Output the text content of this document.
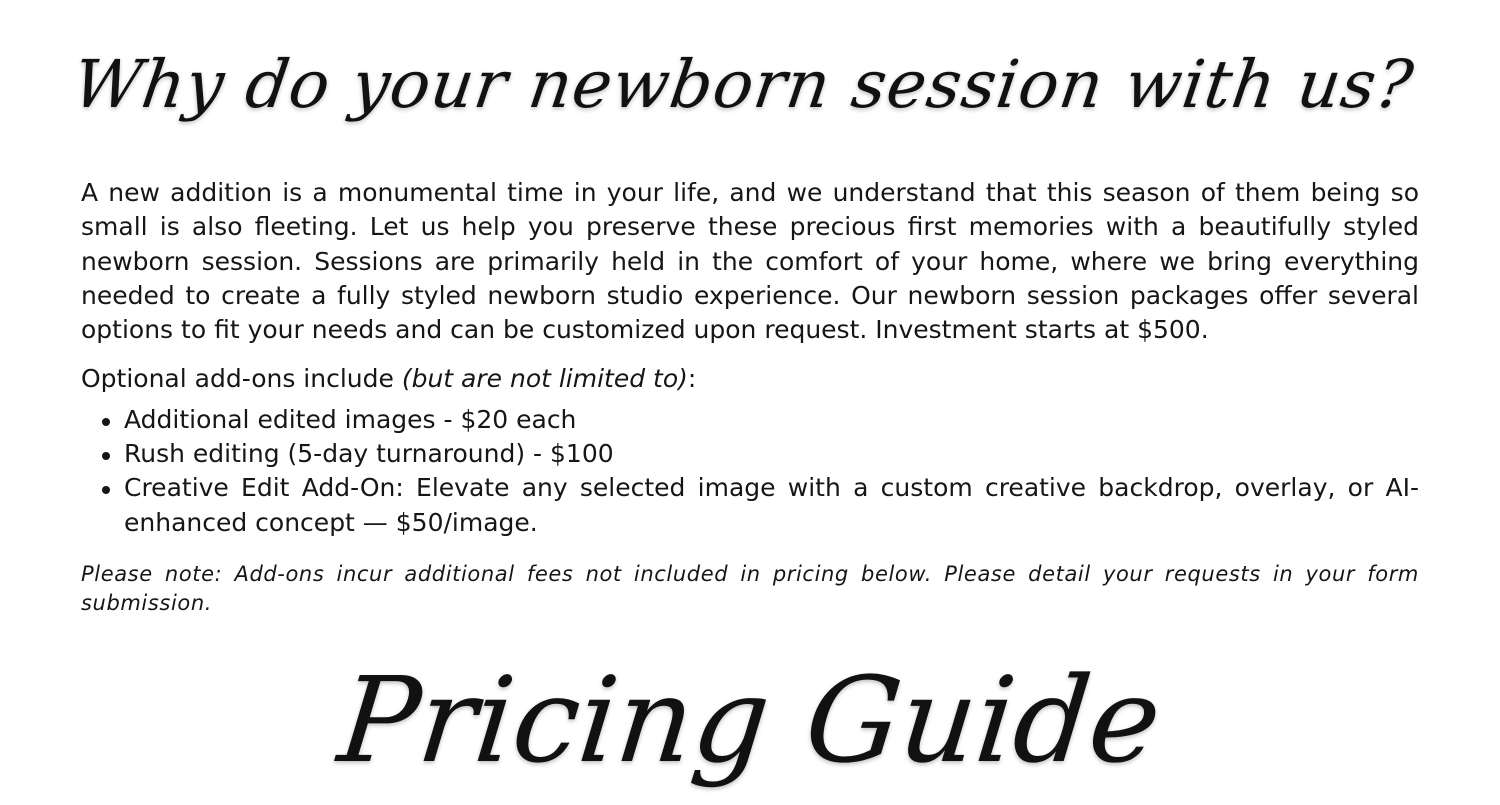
Why do your newborn session with us?

A new addition is a monumental time in your life, and we understand that this season of them being so small is also fleeting. Let us help you preserve these precious first memories with a beautifully styled newborn session. Sessions are primarily held in the comfort of your home, where we bring everything needed to create a fully styled newborn studio experience. Our newborn session packages offer several options to fit your needs and can be customized upon request. Investment starts at $500.

Optional add-ons include (but are not limited to):

Additional edited images - $20 each
Rush editing (5-day turnaround) - $100
Creative Edit Add-On: Elevate any selected image with a custom creative backdrop, overlay, or AI-enhanced concept — $50/image.

Please note: Add-ons incur additional fees not included in pricing below. Please detail your requests in your form submission.

Pricing Guide
